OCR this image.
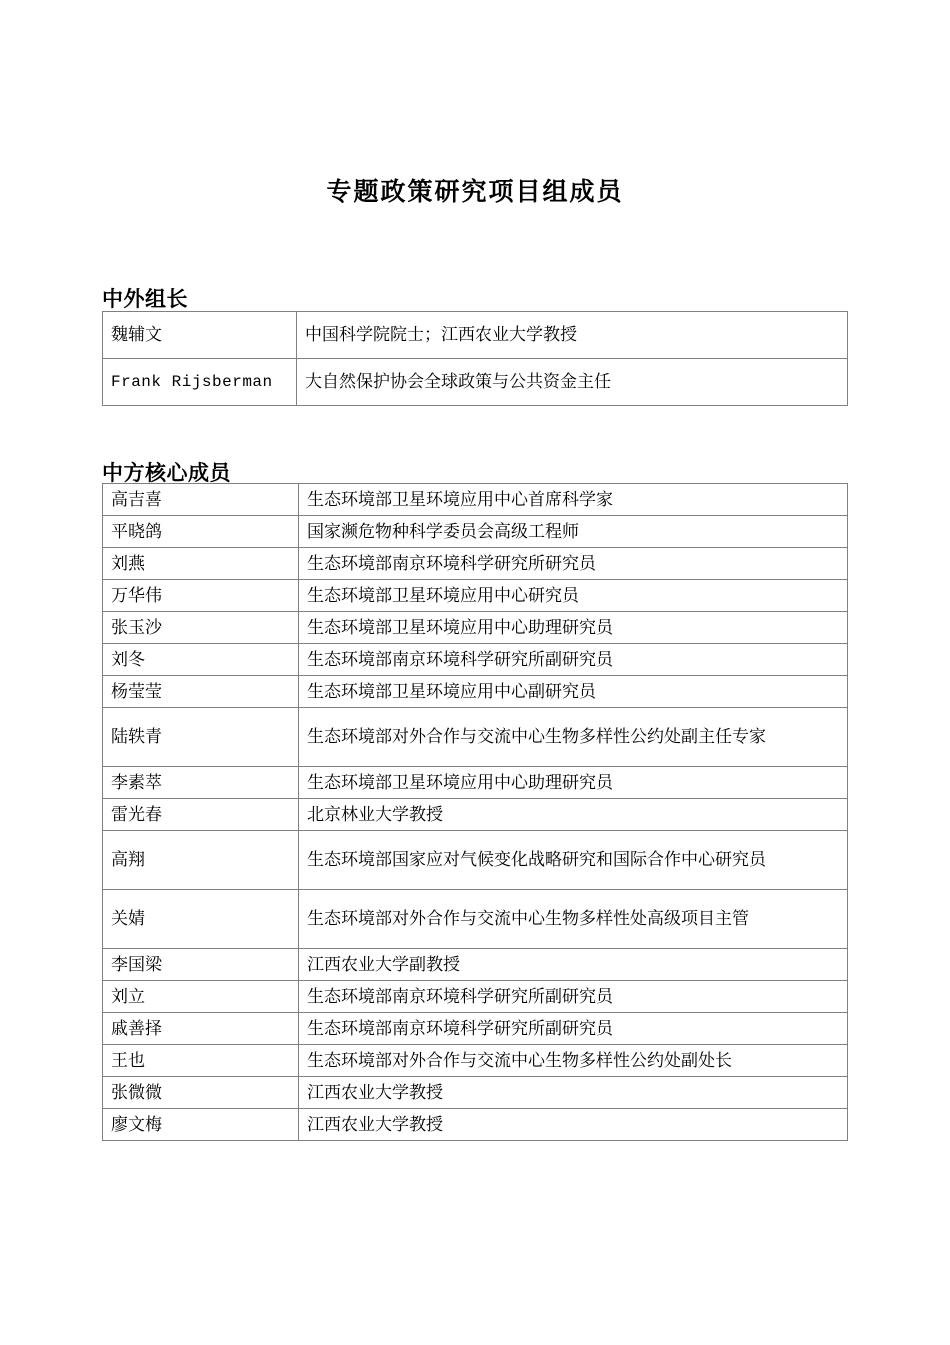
专题政策研究项目组成员
中外组长
魏辅文	中国科学院院士；江西农业大学教授
Frank Rijsberman	大自然保护协会全球政策与公共资金主任
中方核心成员
高吉喜	生态环境部卫星环境应用中心首席科学家
平晓鸽	国家濒危物种科学委员会高级工程师
刘燕	生态环境部南京环境科学研究所研究员
万华伟	生态环境部卫星环境应用中心研究员
张玉沙	生态环境部卫星环境应用中心助理研究员
刘冬	生态环境部南京环境科学研究所副研究员
杨莹莹	生态环境部卫星环境应用中心副研究员
陆轶青	生态环境部对外合作与交流中心生物多样性公约处副主任专家
李素萃	生态环境部卫星环境应用中心助理研究员
雷光春	北京林业大学教授
高翔	生态环境部国家应对气候变化战略研究和国际合作中心研究员
关婧	生态环境部对外合作与交流中心生物多样性处高级项目主管
李国梁	江西农业大学副教授
刘立	生态环境部南京环境科学研究所副研究员
戚善择	生态环境部南京环境科学研究所副研究员
王也	生态环境部对外合作与交流中心生物多样性公约处副处长
张微微	江西农业大学教授
廖文梅	江西农业大学教授
